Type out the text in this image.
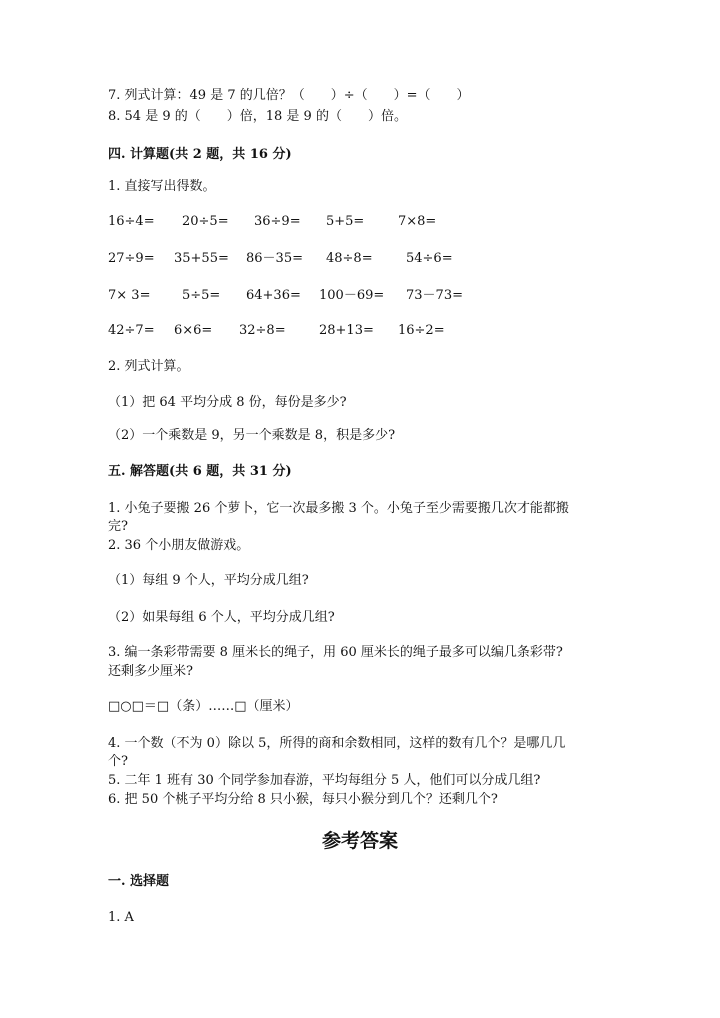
7. 列式计算：49 是 7 的几倍？（　　）÷（　　）=（　　）
8. 54 是 9 的（　　）倍，18 是 9 的（　　）倍。
四. 计算题(共 2 题，共 16 分)
1. 直接写出得数。
16÷4= 20÷5= 36÷9= 5+5=	7×8=
27÷9= 35+55= 86－35= 48÷8=	54÷6=
7× 3= 5÷5= 64+36= 100－69= 73－73=
42÷7= 6×6= 32÷8=	28+13= 16÷2=
2. 列式计算。
（1）把 64 平均分成 8 份，每份是多少?
（2）一个乘数是 9，另一个乘数是 8，积是多少?
五. 解答题(共 6 题，共 31 分)
1. 小兔子要搬 26 个萝卜，它一次最多搬 3 个。小兔子至少需要搬几次才能都搬
完?
2. 36 个小朋友做游戏。
（1）每组 9 个人，平均分成几组?
（2）如果每组 6 个人，平均分成几组?
3. 编一条彩带需要 8 厘米长的绳子，用 60 厘米长的绳子最多可以编几条彩带?
还剩多少厘米?
□○□＝□（条）……□（厘米）
4. 一个数（不为 0）除以 5，所得的商和余数相同，这样的数有几个？是哪几几
个?
5. 二年 1 班有 30 个同学参加春游，平均每组分 5 人，他们可以分成几组?
6. 把 50 个桃子平均分给 8 只小猴，每只小猴分到几个？还剩几个?
参考答案
一. 选择题
1. A
